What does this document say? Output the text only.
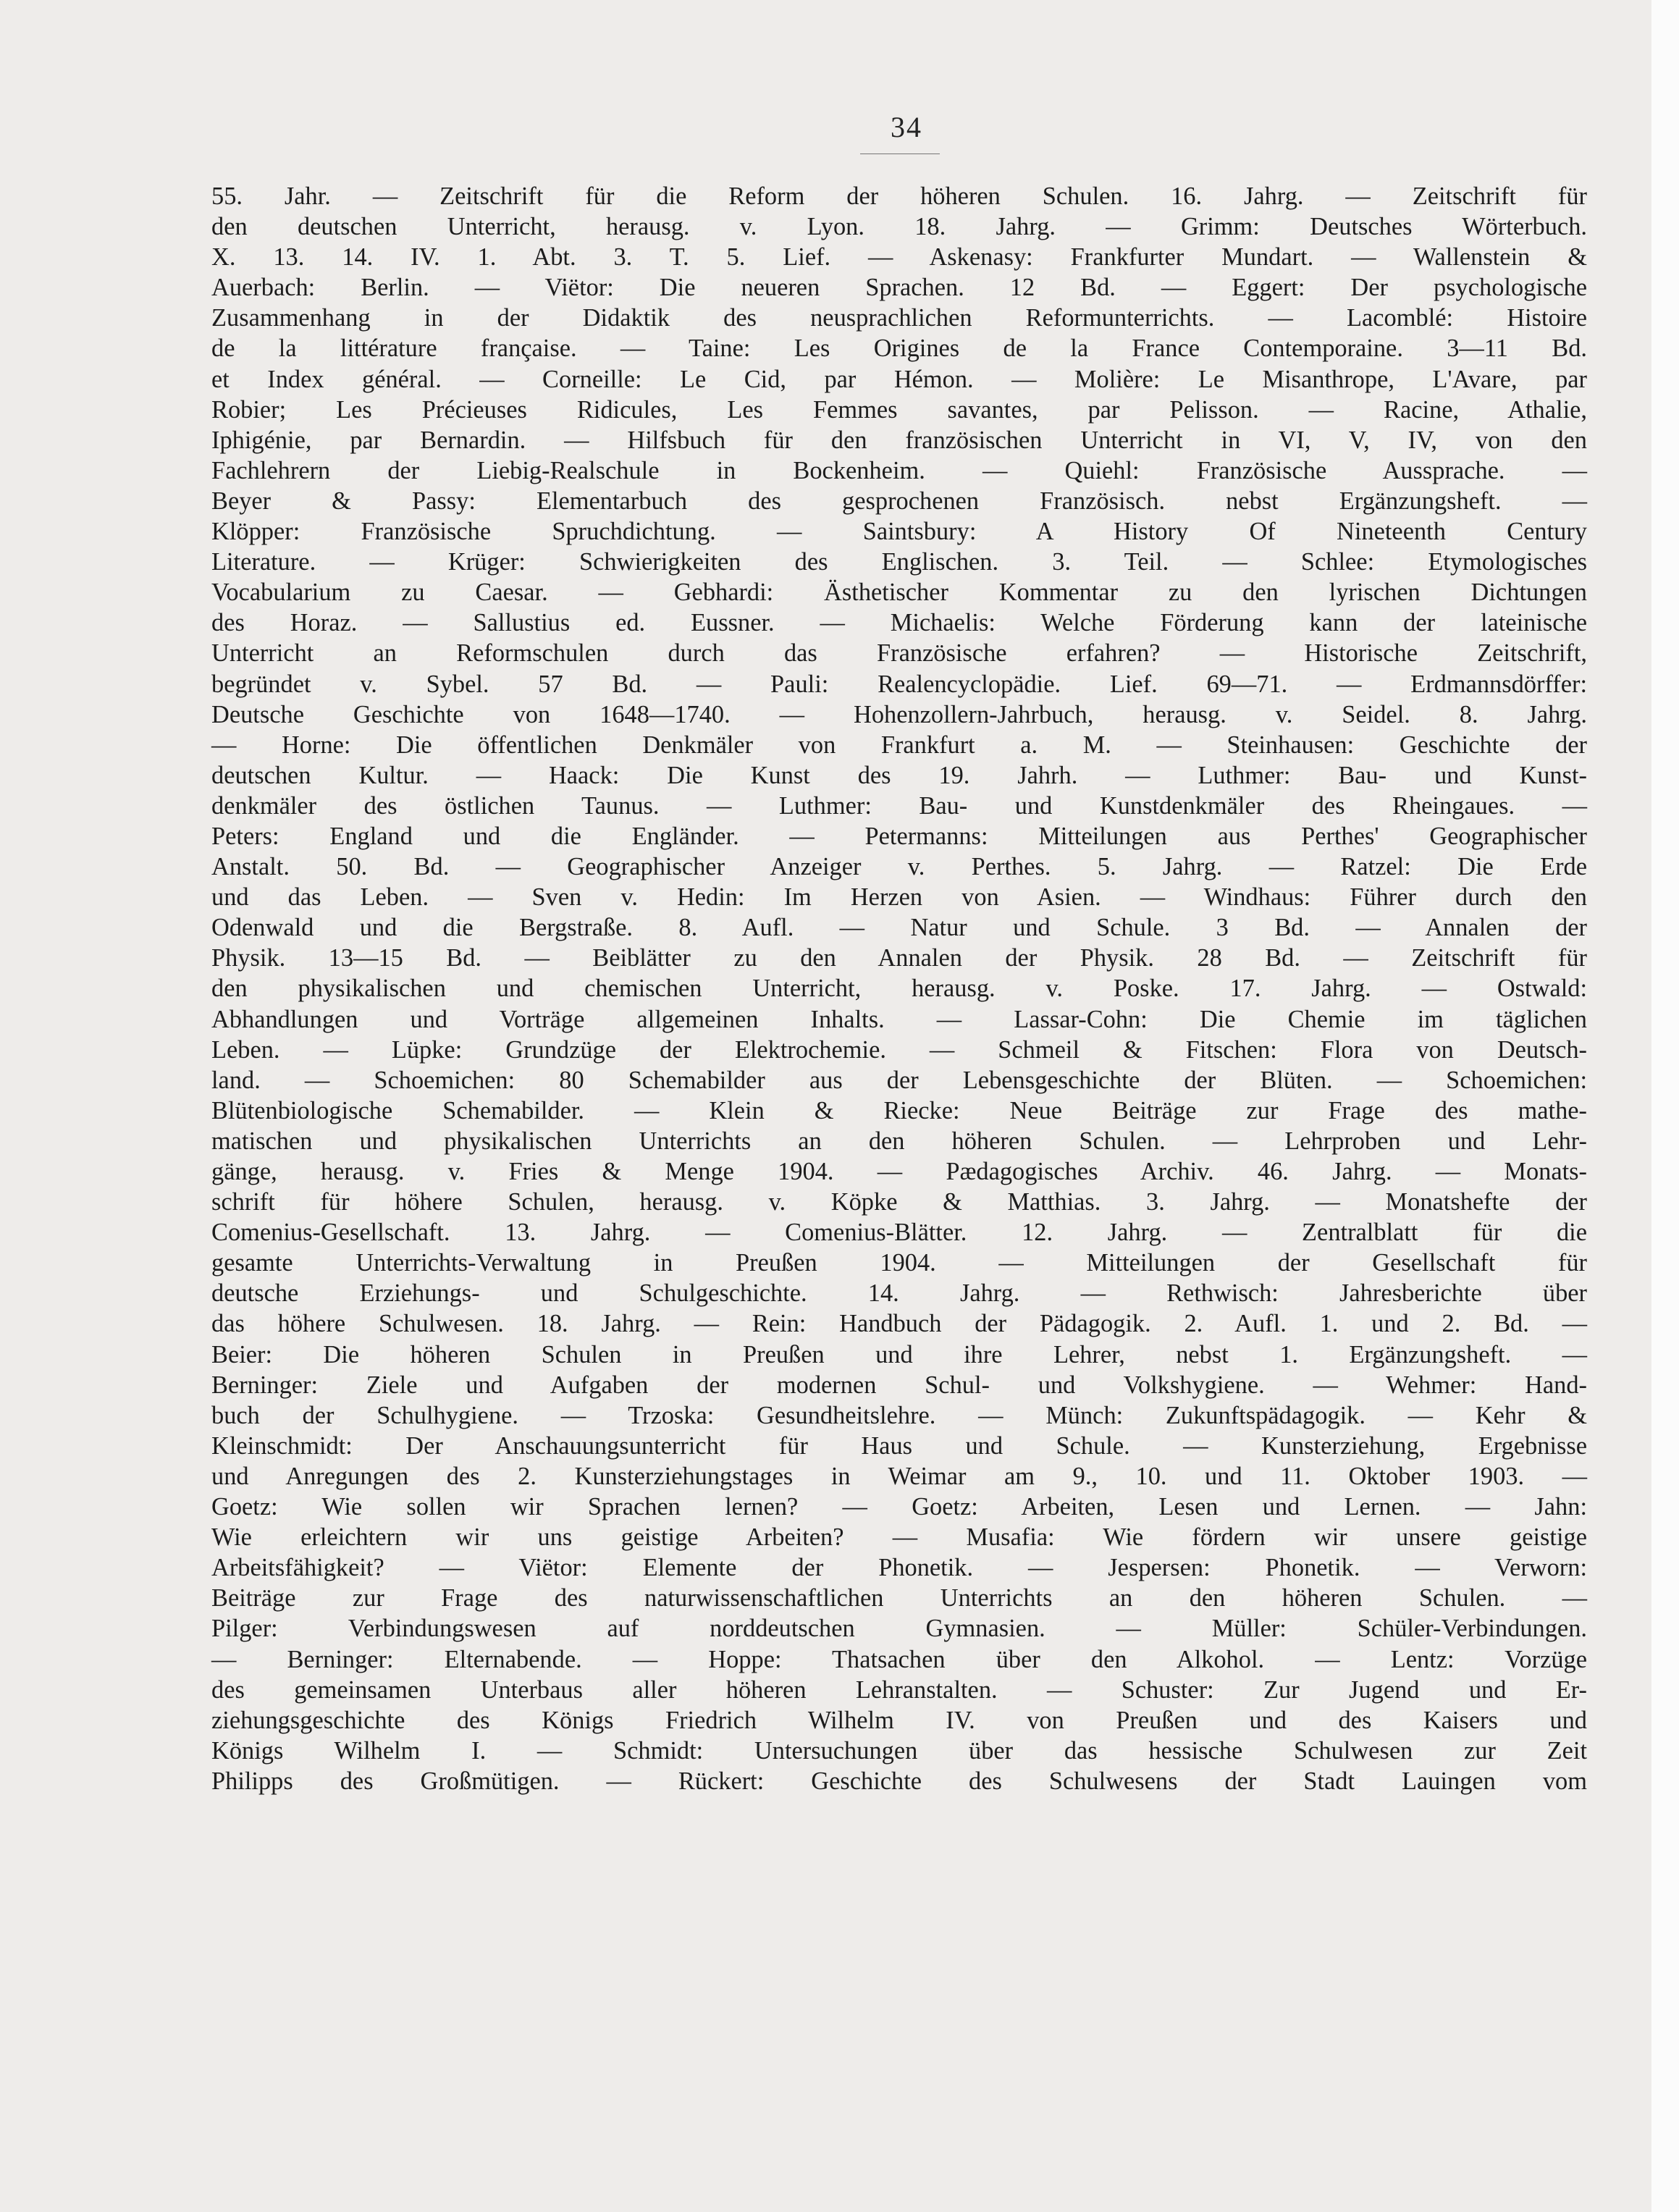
34
55. Jahr. — Zeitschrift für die Reform der höheren Schulen. 16. Jahrg. — Zeitschrift für
den deutschen Unterricht, herausg. v. Lyon. 18. Jahrg. — Grimm: Deutsches Wörterbuch.
X. 13. 14. IV. 1. Abt. 3. T. 5. Lief. — Askenasy: Frankfurter Mundart. — Wallenstein &
Auerbach: Berlin. — Viëtor: Die neueren Sprachen. 12 Bd. — Eggert: Der psychologische
Zusammenhang in der Didaktik des neusprachlichen Reformunterrichts. — Lacomblé: Histoire
de la littérature française. — Taine: Les Origines de la France Contemporaine. 3—11 Bd.
et Index général. — Corneille: Le Cid, par Hémon. — Molière: Le Misanthrope, L'Avare, par
Robier; Les Précieuses Ridicules, Les Femmes savantes, par Pelisson. — Racine, Athalie,
Iphigénie, par Bernardin. — Hilfsbuch für den französischen Unterricht in VI, V, IV, von den
Fachlehrern der Liebig-Realschule in Bockenheim. — Quiehl: Französische Aussprache. —
Beyer & Passy: Elementarbuch des gesprochenen Französisch. nebst Ergänzungsheft. —
Klöpper: Französische Spruchdichtung. — Saintsbury: A History Of Nineteenth Century
Literature. — Krüger: Schwierigkeiten des Englischen. 3. Teil. — Schlee: Etymologisches
Vocabularium zu Caesar. — Gebhardi: Ästhetischer Kommentar zu den lyrischen Dichtungen
des Horaz. — Sallustius ed. Eussner. — Michaelis: Welche Förderung kann der lateinische
Unterricht an Reformschulen durch das Französische erfahren? — Historische Zeitschrift,
begründet v. Sybel. 57 Bd. — Pauli: Realencyclopädie. Lief. 69—71. — Erdmannsdörffer:
Deutsche Geschichte von 1648—1740. — Hohenzollern-Jahrbuch, herausg. v. Seidel. 8. Jahrg.
— Horne: Die öffentlichen Denkmäler von Frankfurt a. M. — Steinhausen: Geschichte der
deutschen Kultur. — Haack: Die Kunst des 19. Jahrh. — Luthmer: Bau- und Kunst-
denkmäler des östlichen Taunus. — Luthmer: Bau- und Kunstdenkmäler des Rheingaues. —
Peters: England und die Engländer. — Petermanns: Mitteilungen aus Perthes' Geographischer
Anstalt. 50. Bd. — Geographischer Anzeiger v. Perthes. 5. Jahrg. — Ratzel: Die Erde
und das Leben. — Sven v. Hedin: Im Herzen von Asien. — Windhaus: Führer durch den
Odenwald und die Bergstraße. 8. Aufl. — Natur und Schule. 3 Bd. — Annalen der
Physik. 13—15 Bd. — Beiblätter zu den Annalen der Physik. 28 Bd. — Zeitschrift für
den physikalischen und chemischen Unterricht, herausg. v. Poske. 17. Jahrg. — Ostwald:
Abhandlungen und Vorträge allgemeinen Inhalts. — Lassar-Cohn: Die Chemie im täglichen
Leben. — Lüpke: Grundzüge der Elektrochemie. — Schmeil & Fitschen: Flora von Deutsch-
land. — Schoemichen: 80 Schemabilder aus der Lebensgeschichte der Blüten. — Schoemichen:
Blütenbiologische Schemabilder. — Klein & Riecke: Neue Beiträge zur Frage des mathe-
matischen und physikalischen Unterrichts an den höheren Schulen. — Lehrproben und Lehr-
gänge, herausg. v. Fries & Menge 1904. — Pædagogisches Archiv. 46. Jahrg. — Monats-
schrift für höhere Schulen, herausg. v. Köpke & Matthias. 3. Jahrg. — Monatshefte der
Comenius-Gesellschaft. 13. Jahrg. — Comenius-Blätter. 12. Jahrg. — Zentralblatt für die
gesamte Unterrichts-Verwaltung in Preußen 1904. — Mitteilungen der Gesellschaft für
deutsche Erziehungs- und Schulgeschichte. 14. Jahrg. — Rethwisch: Jahresberichte über
das höhere Schulwesen. 18. Jahrg. — Rein: Handbuch der Pädagogik. 2. Aufl. 1. und 2. Bd. —
Beier: Die höheren Schulen in Preußen und ihre Lehrer, nebst 1. Ergänzungsheft. —
Berninger: Ziele und Aufgaben der modernen Schul- und Volkshygiene. — Wehmer: Hand-
buch der Schulhygiene. — Trzoska: Gesundheitslehre. — Münch: Zukunftspädagogik. — Kehr &
Kleinschmidt: Der Anschauungsunterricht für Haus und Schule. — Kunsterziehung, Ergebnisse
und Anregungen des 2. Kunsterziehungstages in Weimar am 9., 10. und 11. Oktober 1903. —
Goetz: Wie sollen wir Sprachen lernen? — Goetz: Arbeiten, Lesen und Lernen. — Jahn:
Wie erleichtern wir uns geistige Arbeiten? — Musafia: Wie fördern wir unsere geistige
Arbeitsfähigkeit? — Viëtor: Elemente der Phonetik. — Jespersen: Phonetik. — Verworn:
Beiträge zur Frage des naturwissenschaftlichen Unterrichts an den höheren Schulen. —
Pilger: Verbindungswesen auf norddeutschen Gymnasien. — Müller: Schüler-Verbindungen.
— Berninger: Elternabende. — Hoppe: Thatsachen über den Alkohol. — Lentz: Vorzüge
des gemeinsamen Unterbaus aller höheren Lehranstalten. — Schuster: Zur Jugend und Er-
ziehungsgeschichte des Königs Friedrich Wilhelm IV. von Preußen und des Kaisers und
Königs Wilhelm I. — Schmidt: Untersuchungen über das hessische Schulwesen zur Zeit
Philipps des Großmütigen. — Rückert: Geschichte des Schulwesens der Stadt Lauingen vom
